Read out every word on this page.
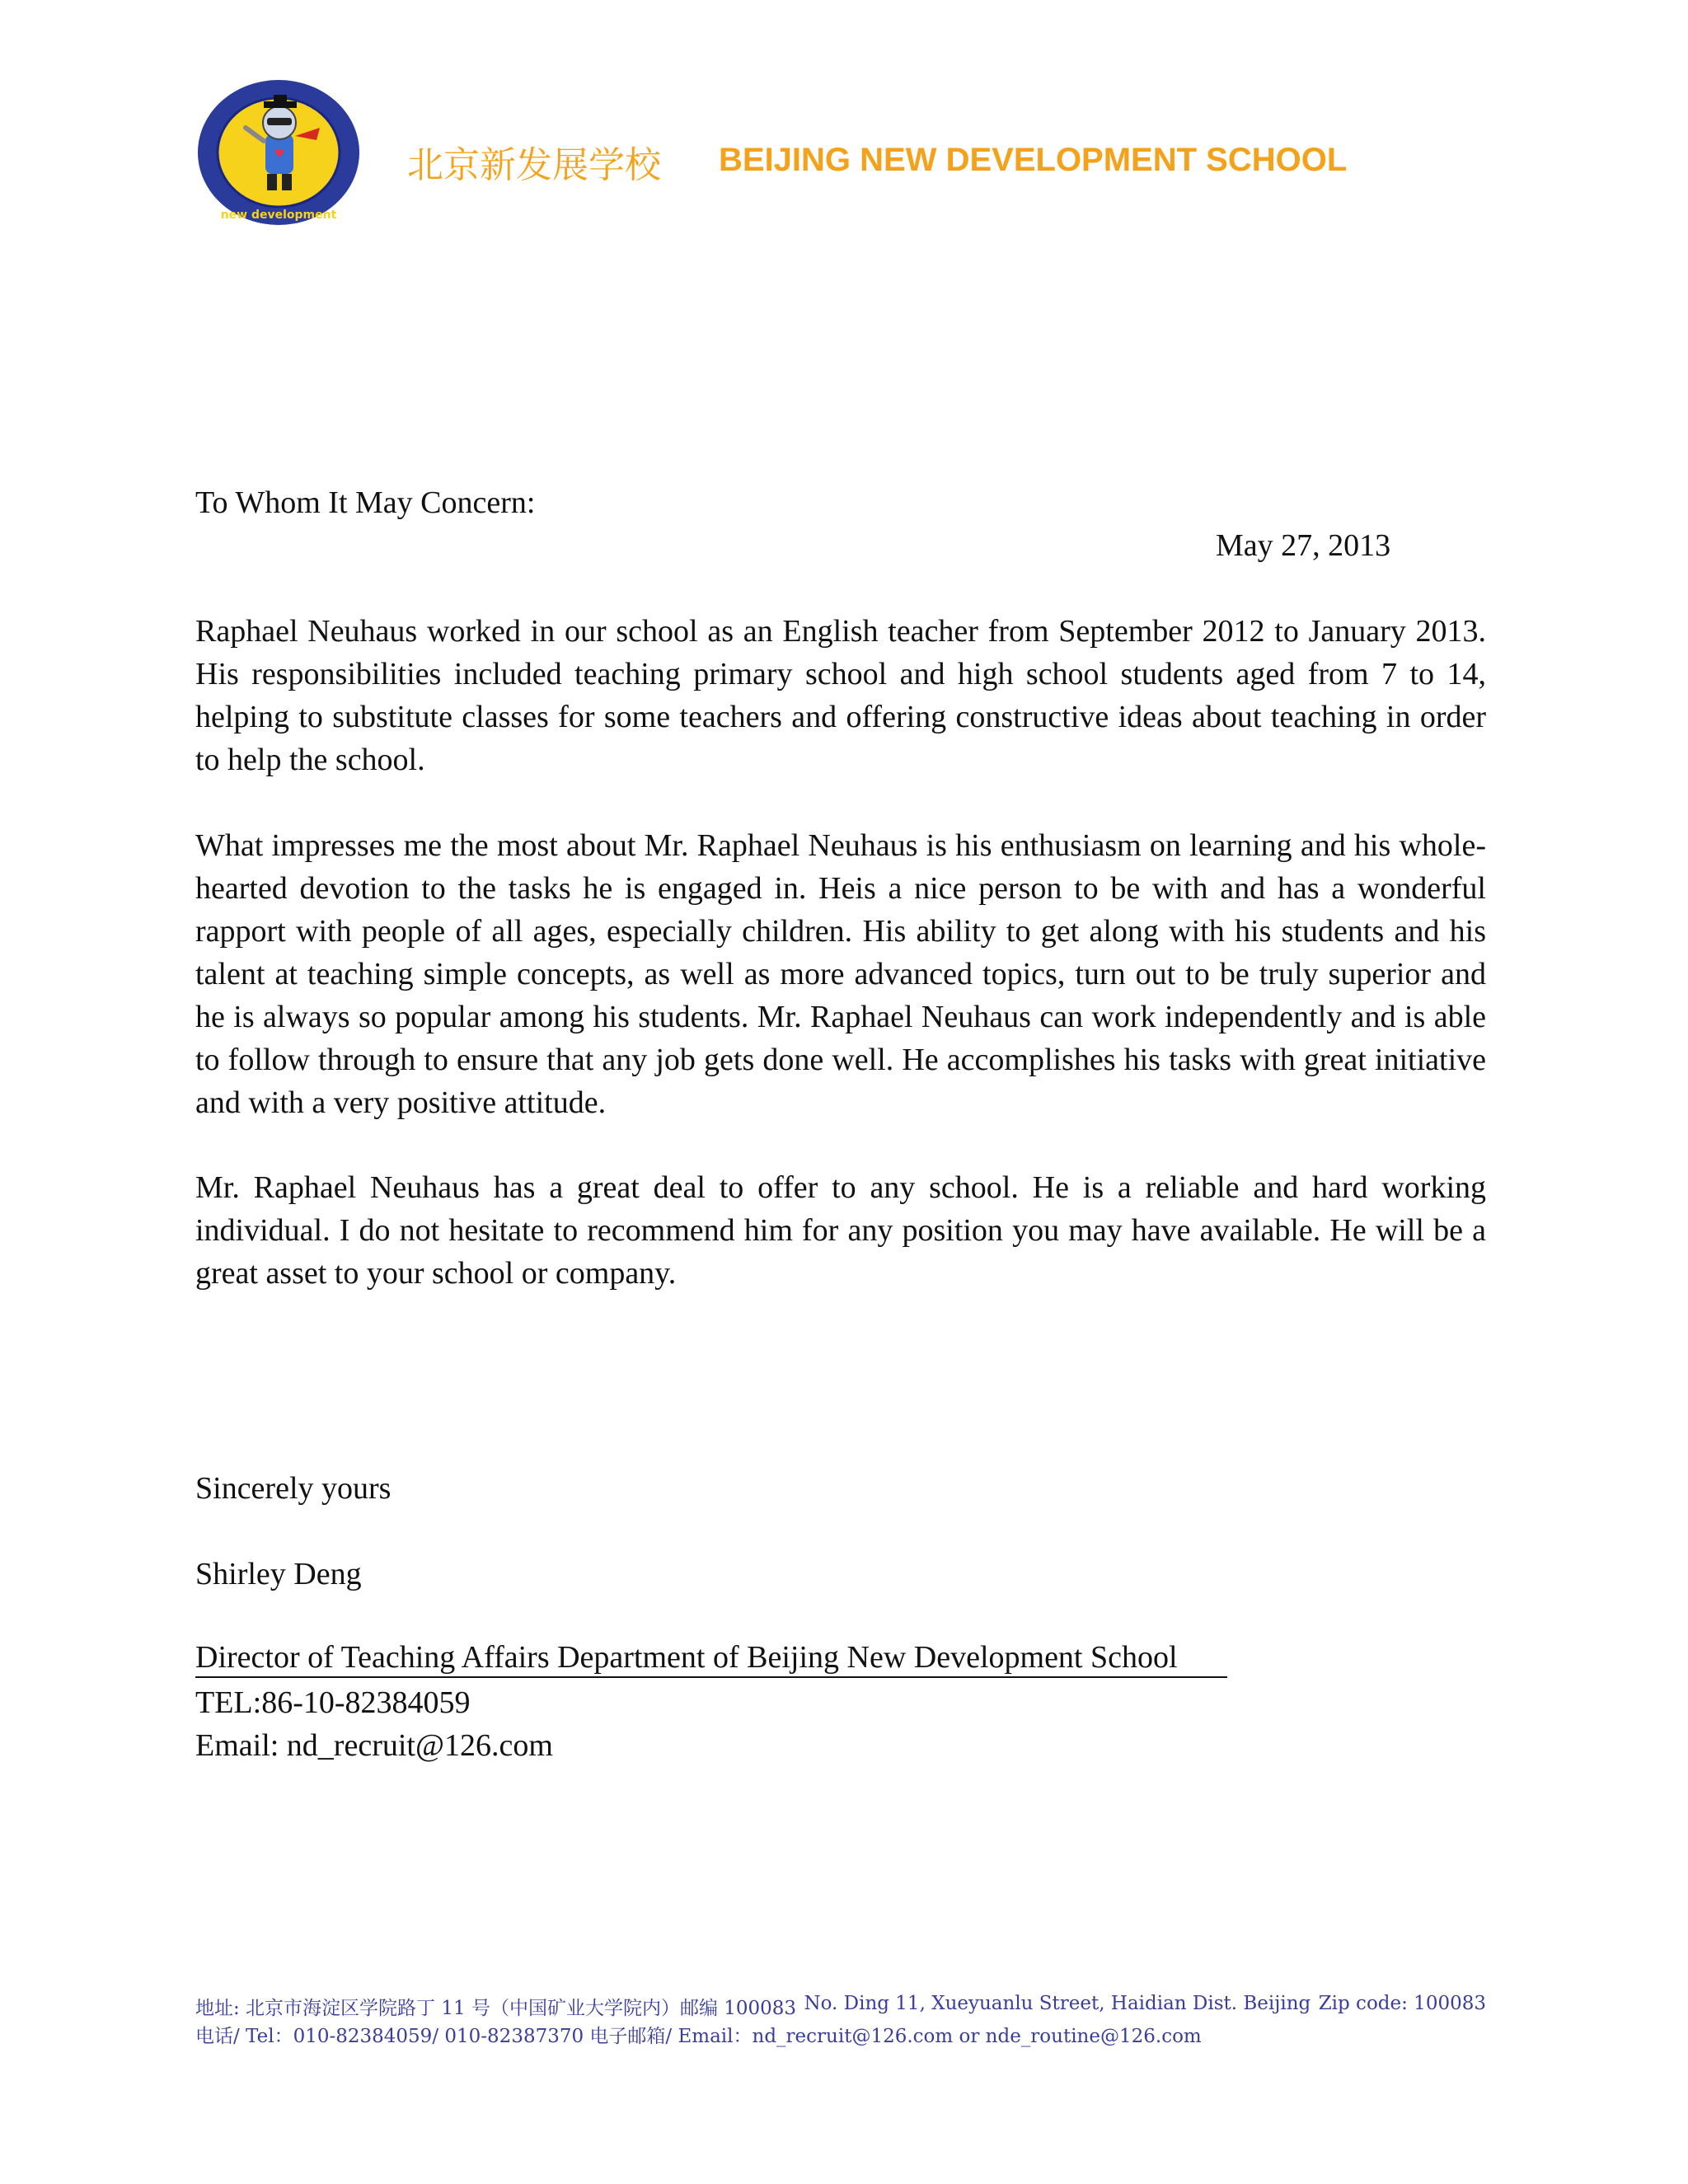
new development
北京新发展学校 BEIJING NEW DEVELOPMENT SCHOOL
To Whom It May Concern:
May 27, 2013

Raphael Neuhaus worked in our school as an English teacher from September 2012 to January 2013. His responsibilities included teaching primary school and high school students aged from 7 to 14, helping to substitute classes for some teachers and offering constructive ideas about teaching in order to help the school.

What impresses me the most about Mr. Raphael Neuhaus is his enthusiasm on learning and his whole-hearted devotion to the tasks he is engaged in. Heis a nice person to be with and has a wonderful rapport with people of all ages, especially children. His ability to get along with his students and his talent at teaching simple concepts, as well as more advanced topics, turn out to be truly superior and he is always so popular among his students. Mr. Raphael Neuhaus can work independently and is able to follow through to ensure that any job gets done well. He accomplishes his tasks with great initiative and with a very positive attitude.

Mr. Raphael Neuhaus has a great deal to offer to any school. He is a reliable and hard working individual. I do not hesitate to recommend him for any position you may have available. He will be a great asset to your school or company.

Sincerely yours
Shirley Deng
Director of Teaching Affairs Department of Beijing New Development School
TEL:86-10-82384059
Email: nd_recruit@126.com
地址: 北京市海淀区学院路丁 11 号（中国矿业大学院内）邮编 100083 No. Ding 11, Xueyuanlu Street, Haidian Dist. Beijing Zip code: 100083
电话/ Tel：010-82384059/ 010-82387370 电子邮箱/ Email：nd_recruit@126.com or nde_routine@126.com
